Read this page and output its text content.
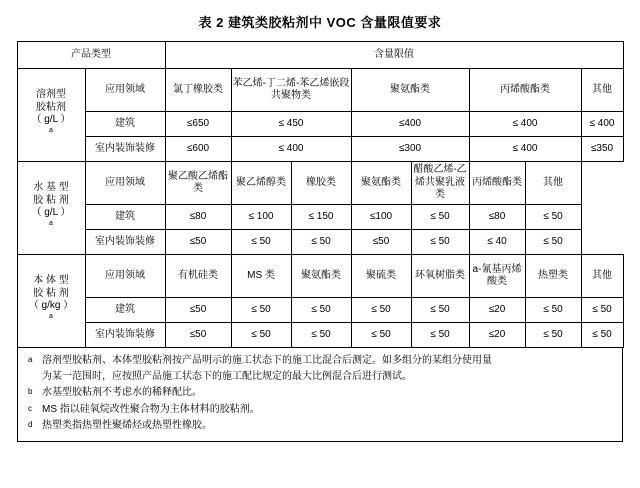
表 2 建筑类胶粘剂中 VOC 含量限值要求
产品类型		含量限值							
溶剂型
胶粘剂
（ g/L ）
$^a$	应用领域	氯丁橡胶类	苯乙烯-丁二烯-苯乙烯嵌段共聚物类		聚氨酯类		丙烯酸酯类		其他
	建筑	≤650	≤ 450		≤400		≤ 400		≤ 400
	室内装饰装修	≤600	≤ 400		≤300		≤ 400		≤350
水 基 型
胶 粘 剂
（ g/L ）
$^a$	应用领域	聚乙酸乙烯酯类	聚乙烯醇类	橡胶类	聚氨酯类	醋酸乙烯-乙烯共聚乳液类	丙烯酸酯类	其他	
	建筑	≤80	≤ 100	≤ 150	≤100	≤ 50	≤80	≤ 50	
	室内装饰装修	≤50	≤ 50	≤ 50	≤50	≤ 50	≤ 40	≤ 50	
本 体 型
胶 粘 剂
（ g/kg ）
$^a$	应用领域	有机硅类	MS 类	聚氨酯类	聚硫类	环氧树脂类	a-氰基丙烯酸类	热塑类	其他
	建筑	≤50	≤ 50	≤ 50	≤ 50	≤ 50	≤20	≤ 50	≤ 50
	室内装饰装修	≤50	≤ 50	≤ 50	≤ 50	≤ 50	≤20	≤ 50	≤ 50
a 溶剂型胶粘剂、本体型胶粘剂按产品明示的施工状态下的施工比混合后测定。如多组分的某组分使用量
为某一范围时，应按照产品施工状态下的施工配比规定的最大比例混合后进行测试。
b 水基型胶粘剂不考虑水的稀释配比。
c	MS 指以硅氧烷改性聚合物为主体材料的胶粘剂。
d 热塑类指热塑性聚烯烃或热塑性橡胶。
